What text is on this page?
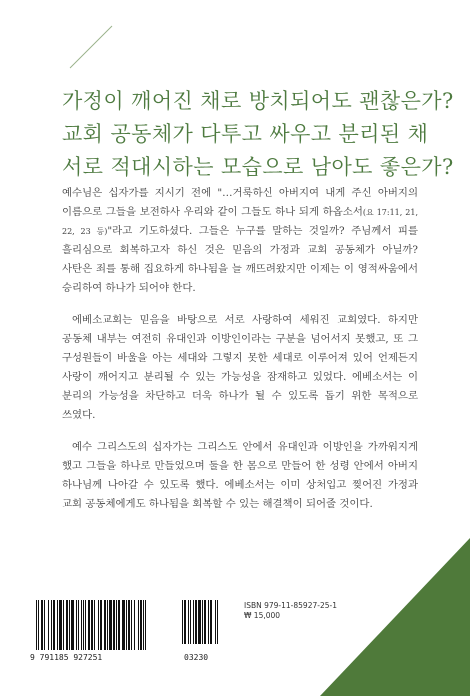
가정이 깨어진 채로 방치되어도 괜찮은가?
교회 공동체가 다투고 싸우고 분리된 채
서로 적대시하는 모습으로 남아도 좋은가?

예수님은 십자가를 지시기 전에 "…거룩하신 아버지여 내게 주신 아버지의 이름으로 그들을 보전하사 우리와 같이 그들도 하나 되게 하옵소서(요 17:11, 21, 22, 23 등)"라고 기도하셨다. 그들은 누구를 말하는 것일까? 주님께서 피를 흘리심으로 회복하고자 하신 것은 믿음의 가정과 교회 공동체가 아닐까? 사탄은 죄를 통해 집요하게 하나됨을 늘 깨뜨려왔지만 이제는 이 영적싸움에서 승리하여 하나가 되어야 한다.

에베소교회는 믿음을 바탕으로 서로 사랑하여 세워진 교회였다. 하지만 공동체 내부는 여전히 유대인과 이방인이라는 구분을 넘어서지 못했고, 또 그 구성원들이 바울을 아는 세대와 그렇지 못한 세대로 이루어져 있어 언제든지 사랑이 깨어지고 분리될 수 있는 가능성을 잠재하고 있었다. 에베소서는 이 분리의 가능성을 차단하고 더욱 하나가 될 수 있도록 돕기 위한 목적으로 쓰였다.

예수 그리스도의 십자가는 그리스도 안에서 유대인과 이방인을 가까워지게 했고 그들을 하나로 만들었으며 둘을 한 몸으로 만들어 한 성령 안에서 아버지 하나님께 나아갈 수 있도록 했다. 에베소서는 이미 상처입고 찢어진 가정과 교회 공동체에게도 하나됨을 회복할 수 있는 해결책이 되어줄 것이다.

9 791185 927251	03230
ISBN 979-11-85927-25-1
₩ 15,000
